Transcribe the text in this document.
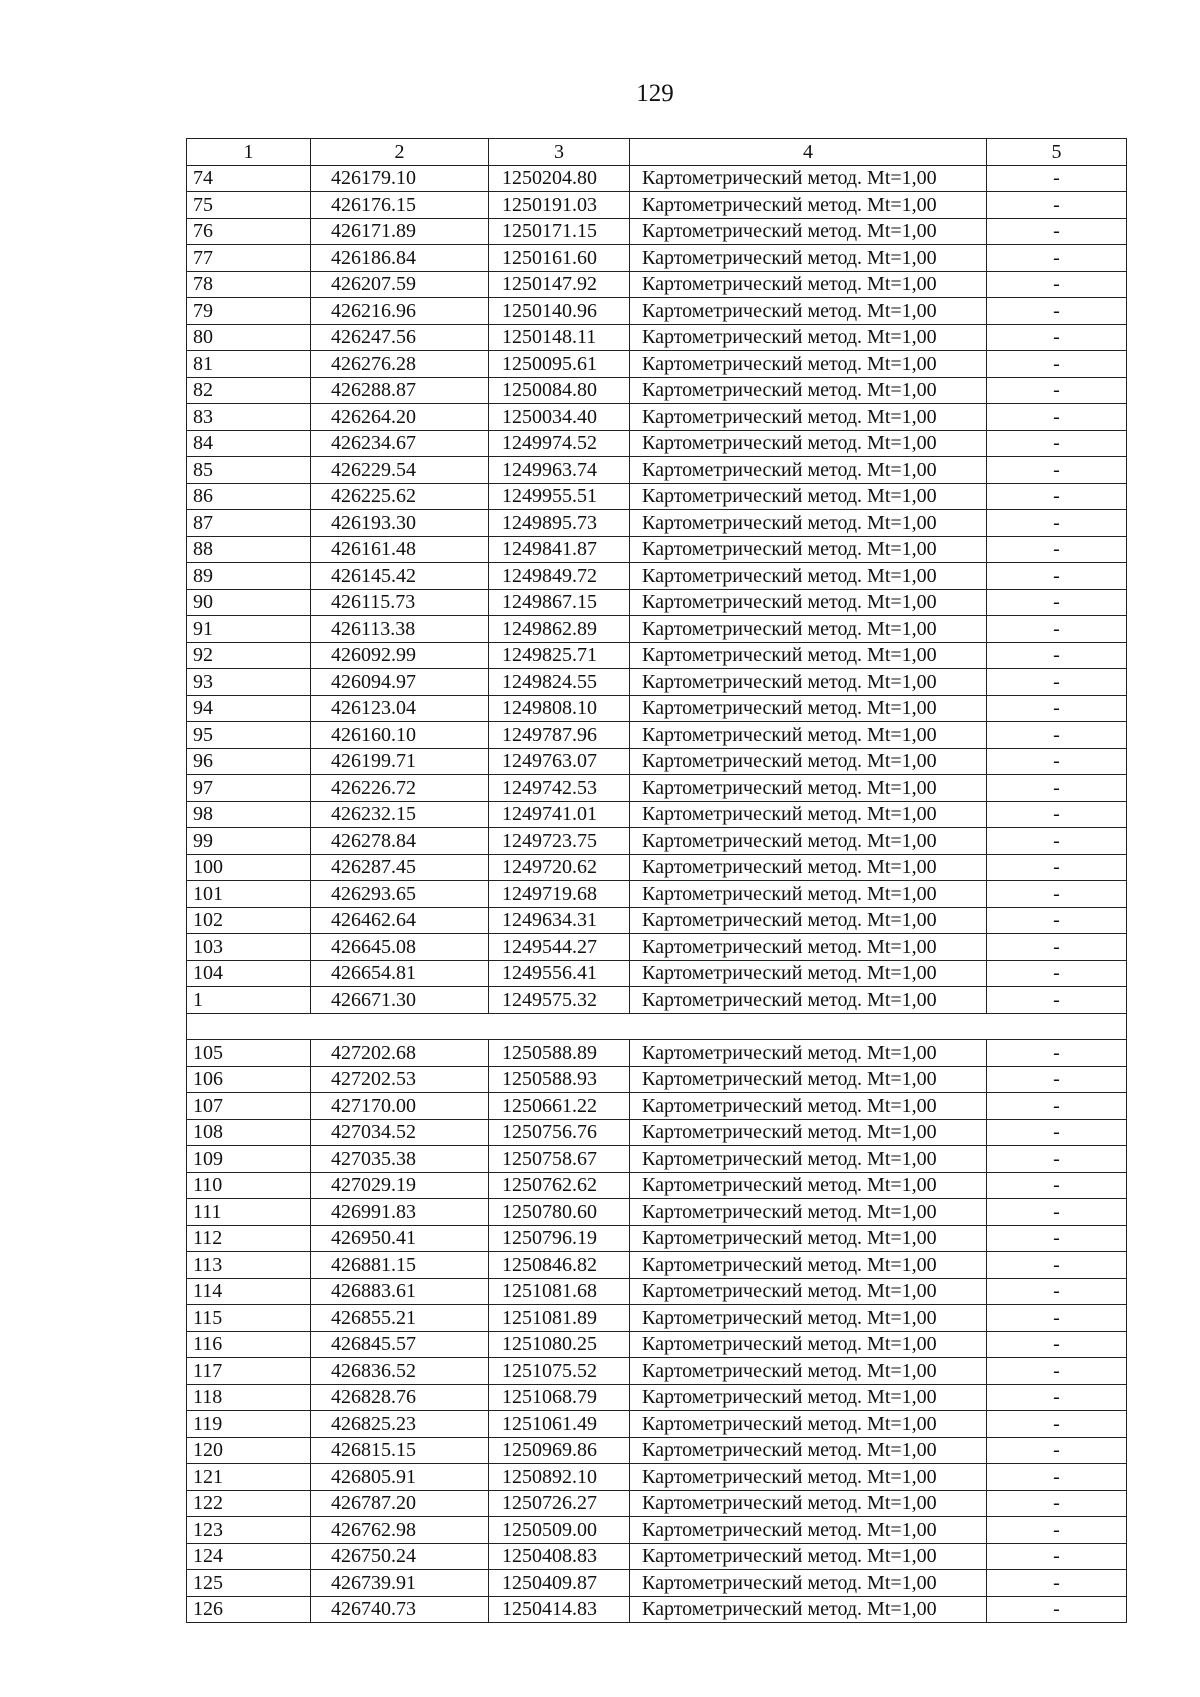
129
1	2	3	4	5
74	426179.10	1250204.80	Картометрический метод. Mt=1,00	-
75	426176.15	1250191.03	Картометрический метод. Mt=1,00	-
76	426171.89	1250171.15	Картометрический метод. Mt=1,00	-
77	426186.84	1250161.60	Картометрический метод. Mt=1,00	-
78	426207.59	1250147.92	Картометрический метод. Mt=1,00	-
79	426216.96	1250140.96	Картометрический метод. Mt=1,00	-
80	426247.56	1250148.11	Картометрический метод. Mt=1,00	-
81	426276.28	1250095.61	Картометрический метод. Mt=1,00	-
82	426288.87	1250084.80	Картометрический метод. Mt=1,00	-
83	426264.20	1250034.40	Картометрический метод. Mt=1,00	-
84	426234.67	1249974.52	Картометрический метод. Mt=1,00	-
85	426229.54	1249963.74	Картометрический метод. Mt=1,00	-
86	426225.62	1249955.51	Картометрический метод. Mt=1,00	-
87	426193.30	1249895.73	Картометрический метод. Mt=1,00	-
88	426161.48	1249841.87	Картометрический метод. Mt=1,00	-
89	426145.42	1249849.72	Картометрический метод. Mt=1,00	-
90	426115.73	1249867.15	Картометрический метод. Mt=1,00	-
91	426113.38	1249862.89	Картометрический метод. Mt=1,00	-
92	426092.99	1249825.71	Картометрический метод. Mt=1,00	-
93	426094.97	1249824.55	Картометрический метод. Mt=1,00	-
94	426123.04	1249808.10	Картометрический метод. Mt=1,00	-
95	426160.10	1249787.96	Картометрический метод. Mt=1,00	-
96	426199.71	1249763.07	Картометрический метод. Mt=1,00	-
97	426226.72	1249742.53	Картометрический метод. Mt=1,00	-
98	426232.15	1249741.01	Картометрический метод. Mt=1,00	-
99	426278.84	1249723.75	Картометрический метод. Mt=1,00	-
100	426287.45	1249720.62	Картометрический метод. Mt=1,00	-
101	426293.65	1249719.68	Картометрический метод. Mt=1,00	-
102	426462.64	1249634.31	Картометрический метод. Mt=1,00	-
103	426645.08	1249544.27	Картометрический метод. Mt=1,00	-
104	426654.81	1249556.41	Картометрический метод. Mt=1,00	-
1	426671.30	1249575.32	Картометрический метод. Mt=1,00	-

105	427202.68	1250588.89	Картометрический метод. Mt=1,00	-
106	427202.53	1250588.93	Картометрический метод. Mt=1,00	-
107	427170.00	1250661.22	Картометрический метод. Mt=1,00	-
108	427034.52	1250756.76	Картометрический метод. Mt=1,00	-
109	427035.38	1250758.67	Картометрический метод. Mt=1,00	-
110	427029.19	1250762.62	Картометрический метод. Mt=1,00	-
111	426991.83	1250780.60	Картометрический метод. Mt=1,00	-
112	426950.41	1250796.19	Картометрический метод. Mt=1,00	-
113	426881.15	1250846.82	Картометрический метод. Mt=1,00	-
114	426883.61	1251081.68	Картометрический метод. Mt=1,00	-
115	426855.21	1251081.89	Картометрический метод. Mt=1,00	-
116	426845.57	1251080.25	Картометрический метод. Mt=1,00	-
117	426836.52	1251075.52	Картометрический метод. Mt=1,00	-
118	426828.76	1251068.79	Картометрический метод. Mt=1,00	-
119	426825.23	1251061.49	Картометрический метод. Mt=1,00	-
120	426815.15	1250969.86	Картометрический метод. Mt=1,00	-
121	426805.91	1250892.10	Картометрический метод. Mt=1,00	-
122	426787.20	1250726.27	Картометрический метод. Mt=1,00	-
123	426762.98	1250509.00	Картометрический метод. Mt=1,00	-
124	426750.24	1250408.83	Картометрический метод. Mt=1,00	-
125	426739.91	1250409.87	Картометрический метод. Mt=1,00	-
126	426740.73	1250414.83	Картометрический метод. Mt=1,00	-
